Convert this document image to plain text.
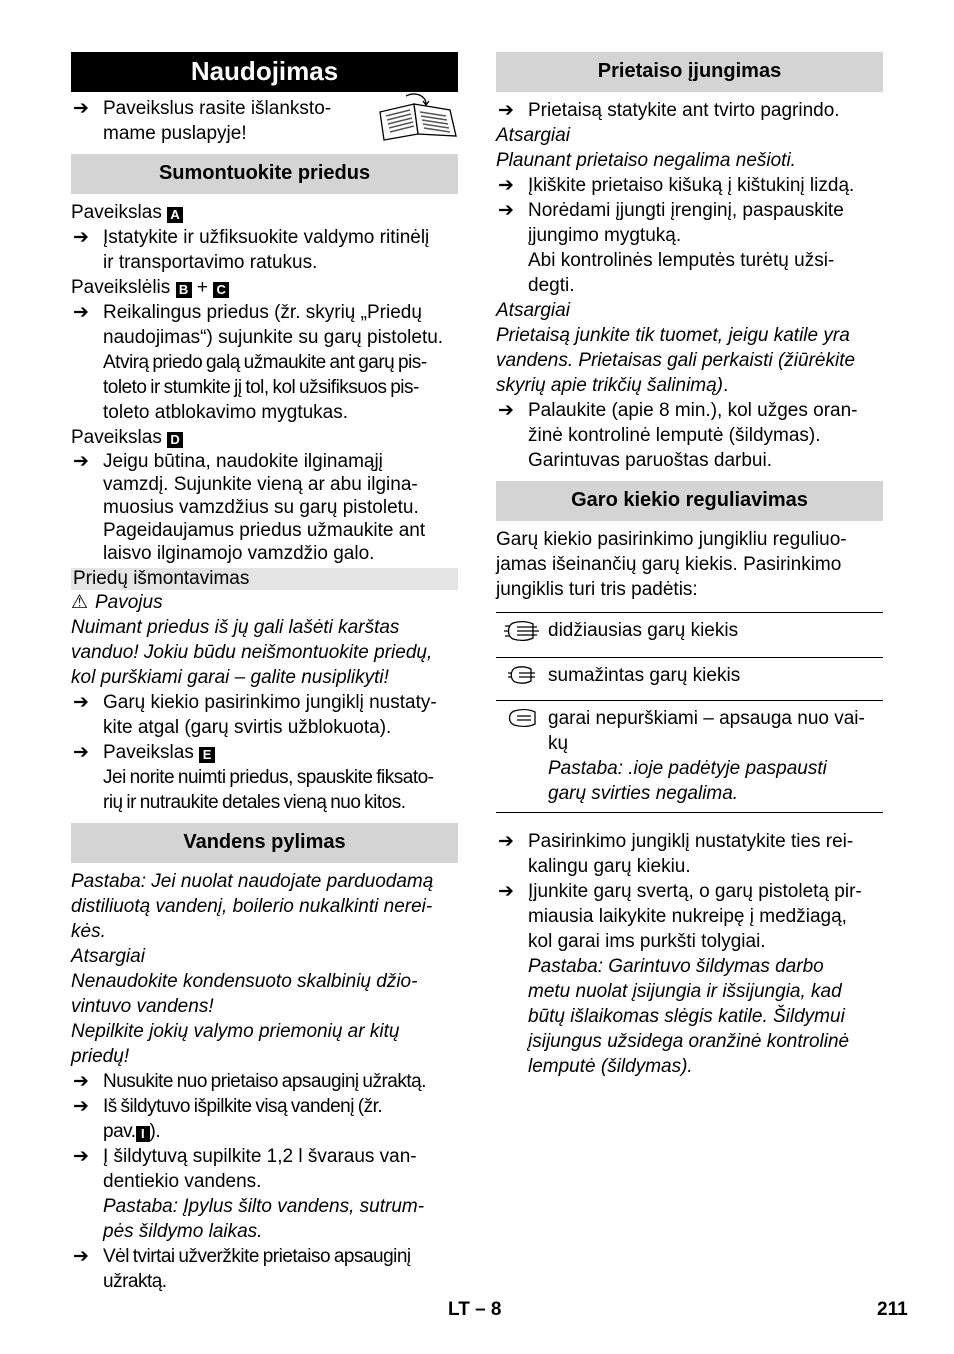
Naudojimas
➔ Paveikslus rasite išlanksto-
mame puslapyje!
Sumontuokite priedus
Paveikslas A
➔ Įstatykite ir užfiksuokite valdymo ritinėlį
ir transportavimo ratukus.
Paveikslėlis B + C
➔ Reikalingus priedus (žr. skyrių „Priedų
naudojimas“) sujunkite su garų pistoletu.
Atvirą priedo galą užmaukite ant garų pis-
toleto ir stumkite jį tol, kol užsifiksuos pis-
toleto atblokavimo mygtukas.
Paveikslas D
➔ Jeigu būtina, naudokite ilginamąjį
vamzdį. Sujunkite vieną ar abu ilgina-
muosius vamzdžius su garų pistoletu.
Pageidaujamus priedus užmaukite ant
laisvo ilginamojo vamzdžio galo.
Priedų išmontavimas
⚠ Pavojus
Nuimant priedus iš jų gali lašėti karštas
vanduo! Jokiu būdu neišmontuokite priedų,
kol purškiami garai – galite nusiplikyti!
➔ Garų kiekio pasirinkimo jungiklį nustaty-
kite atgal (garų svirtis užblokuota).
➔ Paveikslas E
Jei norite nuimti priedus, spauskite fiksato-
rių ir nutraukite detales vieną nuo kitos.
Vandens pylimas
Pastaba: Jei nuolat naudojate parduodamą
distiliuotą vandenį, boilerio nukalkinti nerei-
kės.
Atsargiai
Nenaudokite kondensuoto skalbinių džio-
vintuvo vandens!
Nepilkite jokių valymo priemonių ar kitų
priedų!
➔ Nusukite nuo prietaiso apsauginį užraktą.
➔ Iš šildytuvo išpilkite visą vandenį (žr.
pav. I ).
➔ Į šildytuvą supilkite 1,2 l švaraus van-
dentiekio vandens.
Pastaba: Įpylus šilto vandens, sutrum-
pės šildymo laikas.
➔ Vėl tvirtai užveržkite prietaiso apsauginį
užraktą.
Prietaiso įjungimas
➔ Prietaisą statykite ant tvirto pagrindo.
Atsargiai
Plaunant prietaiso negalima nešioti.
➔ Įkiškite prietaiso kišuką į kištukinį lizdą.
➔ Norėdami įjungti įrenginį, paspauskite
įjungimo mygtuką.
Abi kontrolinės lemputės turėtų užsi-
degti.
Atsargiai
Prietaisą junkite tik tuomet, jeigu katile yra
vandens. Prietaisas gali perkaisti (žiūrėkite
skyrių apie trikčių šalinimą).
➔ Palaukite (apie 8 min.), kol užges oran-
žinė kontrolinė lemputė (šildymas).
Garintuvas paruoštas darbui.
Garo kiekio reguliavimas
Garų kiekio pasirinkimo jungikliu reguliuo-
jamas išeinančių garų kiekis. Pasirinkimo
jungiklis turi tris padėtis:
	didžiausias garų kiekis
	sumažintas garų kiekis
	garai nepurškiami – apsauga nuo vai-
kų
Pastaba: .ioje padėtyje paspausti
garų svirties negalima.
➔ Pasirinkimo jungiklį nustatykite ties rei-
kalingu garų kiekiu.
➔ Įjunkite garų svertą, o garų pistoletą pir-
miausia laikykite nukreipę į medžiagą,
kol garai ims purkšti tolygiai.
Pastaba: Garintuvo šildymas darbo
metu nuolat įsijungia ir išsijungia, kad
būtų išlaikomas slėgis katile. Šildymui
įsijungus užsidega oranžinė kontrolinė
lemputė (šildymas).
LT – 8	211
